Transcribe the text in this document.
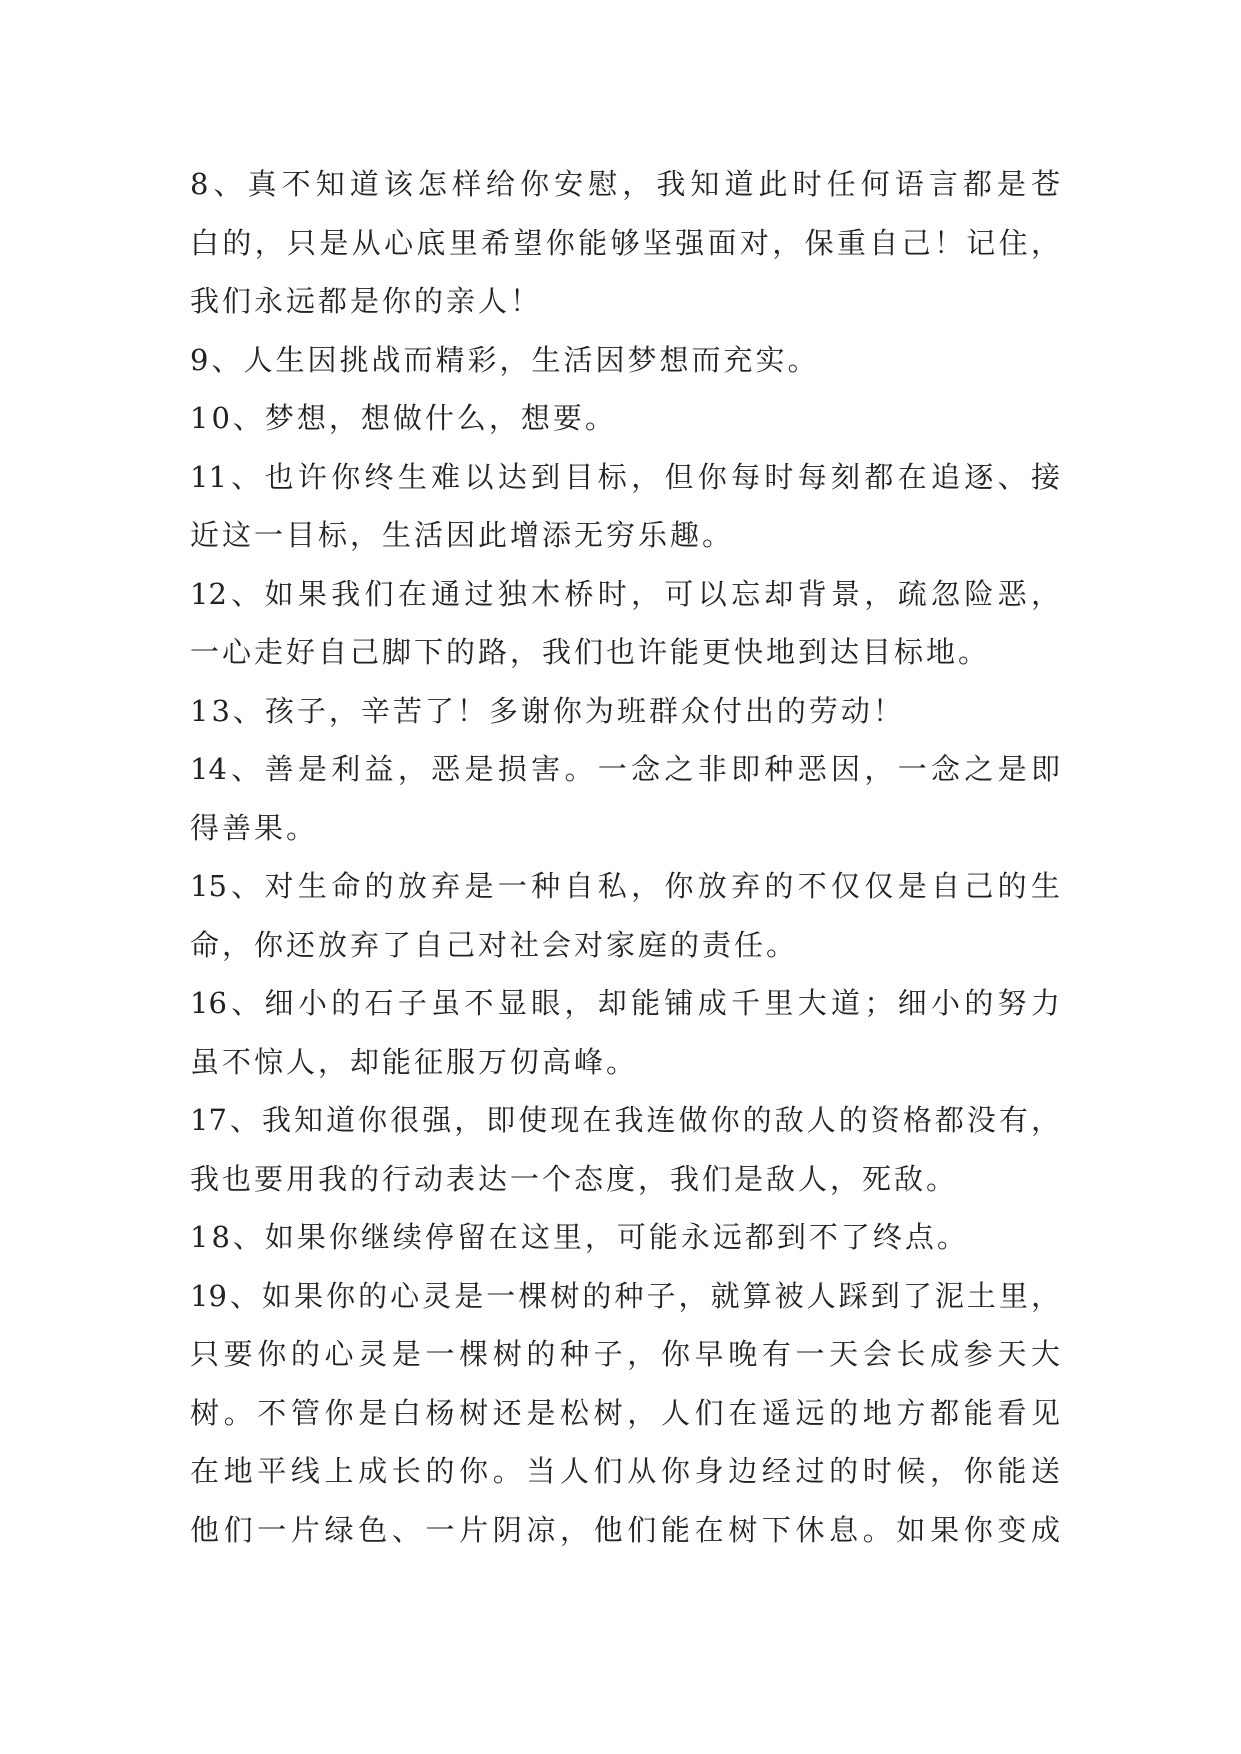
8、真不知道该怎样给你安慰，我知道此时任何语言都是苍
白的，只是从心底里希望你能够坚强面对，保重自己！记住，
我们永远都是你的亲人！
9、人生因挑战而精彩，生活因梦想而充实。
10、梦想，想做什么，想要。
11、也许你终生难以达到目标，但你每时每刻都在追逐、接
近这一目标，生活因此增添无穷乐趣。
12、如果我们在通过独木桥时，可以忘却背景，疏忽险恶，
一心走好自己脚下的路，我们也许能更快地到达目标地。
13、孩子，辛苦了！多谢你为班群众付出的劳动！
14、善是利益，恶是损害。一念之非即种恶因，一念之是即
得善果。
15、对生命的放弃是一种自私，你放弃的不仅仅是自己的生
命，你还放弃了自己对社会对家庭的责任。
16、细小的石子虽不显眼，却能铺成千里大道；细小的努力
虽不惊人，却能征服万仞高峰。
17、我知道你很强，即使现在我连做你的敌人的资格都没有，
我也要用我的行动表达一个态度，我们是敌人，死敌。
18、如果你继续停留在这里，可能永远都到不了终点。
19、如果你的心灵是一棵树的种子，就算被人踩到了泥土里，
只要你的心灵是一棵树的种子，你早晚有一天会长成参天大
树。不管你是白杨树还是松树，人们在遥远的地方都能看见
在地平线上成长的你。当人们从你身边经过的时候，你能送
他们一片绿色、一片阴凉，他们能在树下休息。如果你变成
